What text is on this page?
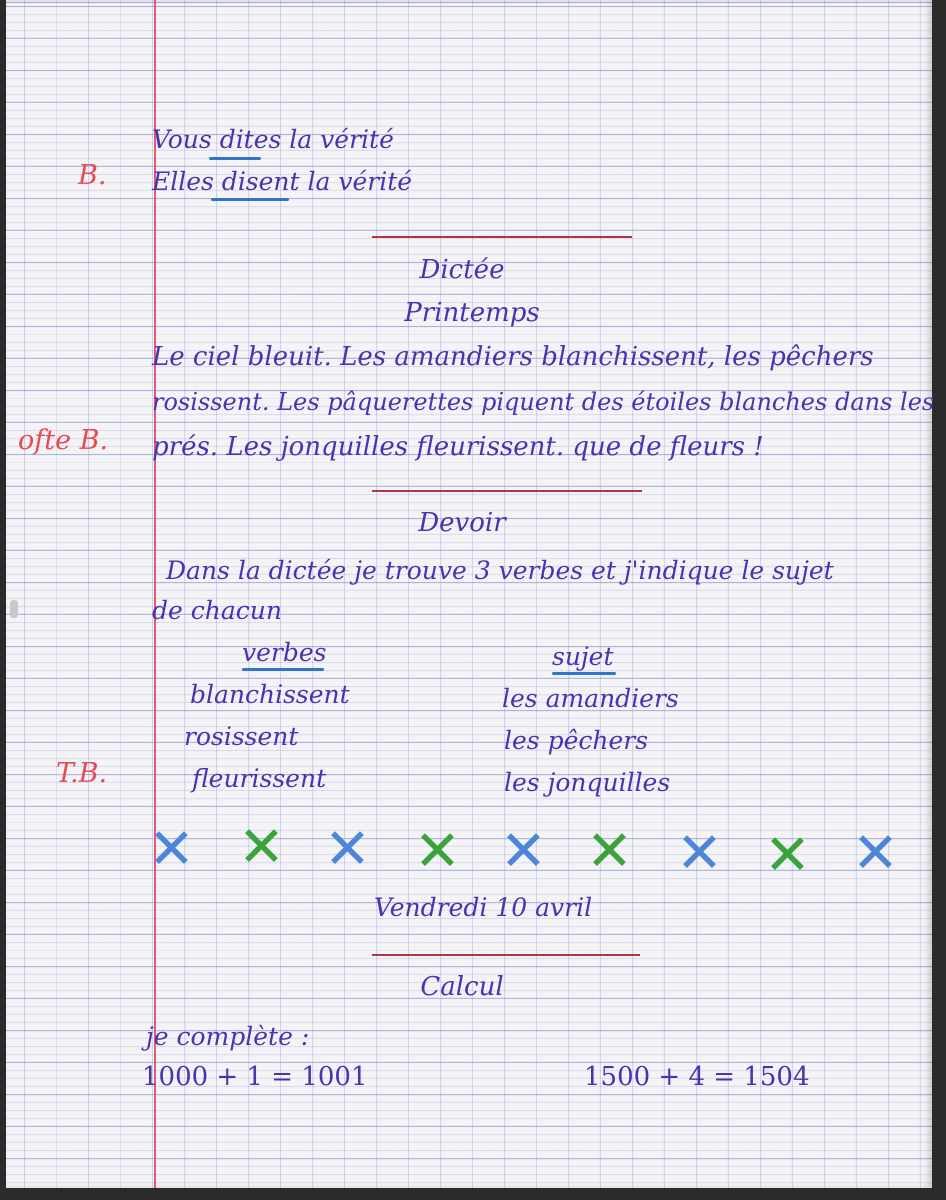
Vous dites la vérité

Elles disent la vérité

B.

Dictée

Printemps

Le ciel bleuit. Les amandiers blanchissent, les pêchers

rosissent. Les pâquerettes piquent des étoiles blanches dans les

prés. Les jonquilles fleurissent. que de fleurs !

ofte B.

Devoir

Dans la dictée je trouve 3 verbes et j'indique le sujet

de chacun

verbes	sujet

blanchissent	les amandiers

rosissent	les pêchers

fleurissent	les jonquilles

T.B.

✕ ✕ ✕ ✕ ✕ ✕ ✕ ✕ ✕

Vendredi 10 avril

Calcul

je complète :

1000 + 1 = 1001	1500 + 4 = 1504
